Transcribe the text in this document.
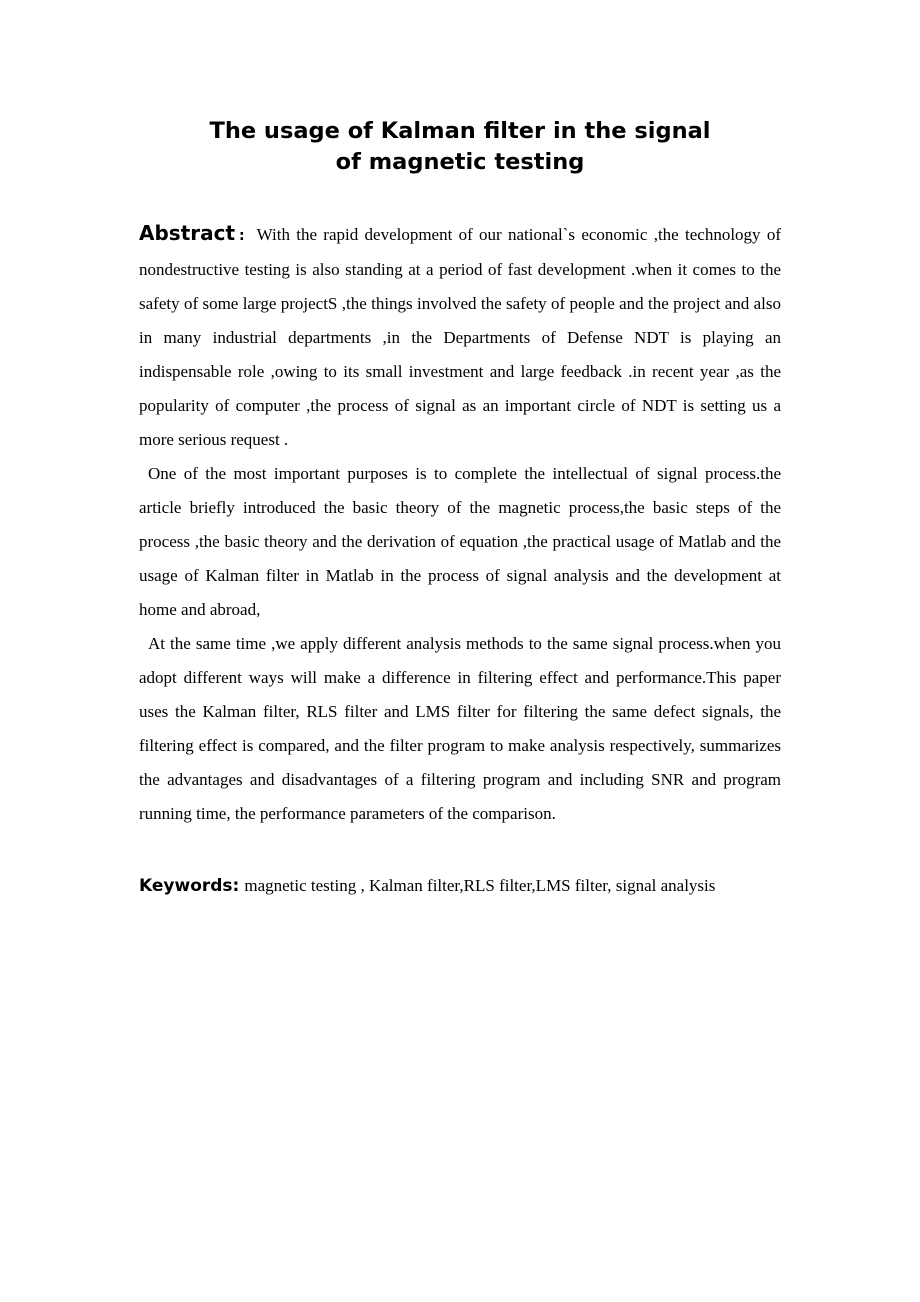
The usage of Kalman filter in the signal
of magnetic testing

Abstract : With the rapid development of our national`s economic ,the technology of nondestructive testing is also standing at a period of fast development .when it comes to the safety of some large projectS ,the things involved the safety of people and the project and also in many industrial departments ,in the Departments of Defense NDT is playing an indispensable role ,owing to its small investment and large feedback .in recent year ,as the popularity of computer ,the process of signal as an important circle of NDT is setting us a more serious request .

One of the most important purposes is to complete the intellectual of signal process.the article briefly introduced the basic theory of the magnetic process,the basic steps of the process ,the basic theory and the derivation of equation ,the practical usage of Matlab and the usage of Kalman filter in Matlab in the process of signal analysis and the development at home and abroad,

At the same time ,we apply different analysis methods to the same signal process.when you adopt different ways will make a difference in filtering effect and performance.This paper uses the Kalman filter, RLS filter and LMS filter for filtering the same defect signals, the filtering effect is compared, and the filter program to make analysis respectively, summarizes the advantages and disadvantages of a filtering program and including SNR and program running time, the performance parameters of the comparison.

Keywords: magnetic testing , Kalman filter,RLS filter,LMS filter, signal analysis
